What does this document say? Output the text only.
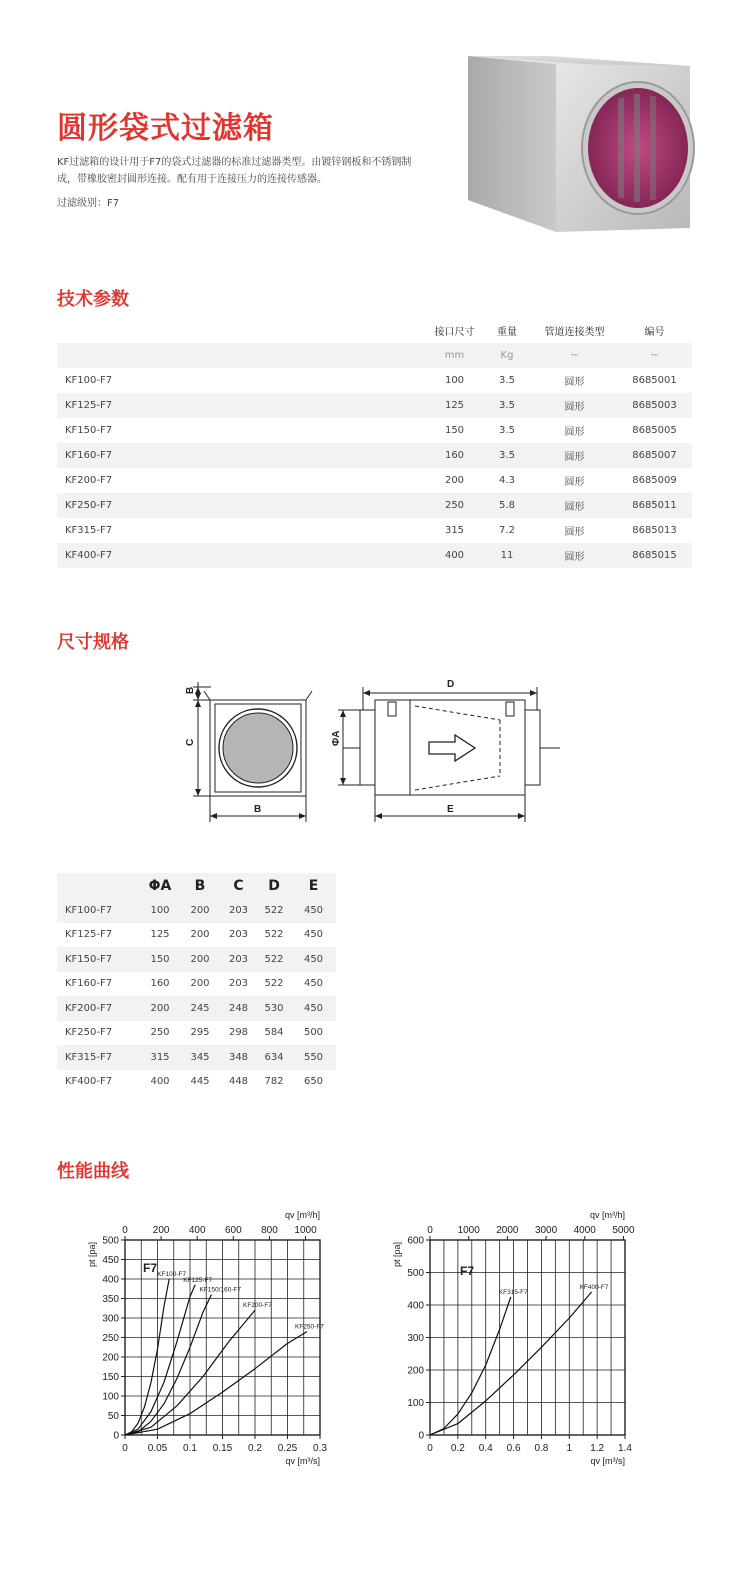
圆形袋式过滤箱
KF过滤箱的设计用于F7的袋式过滤器的标准过滤器类型。由镀锌钢板和不锈钢制
成，带橡胶密封圆形连接。配有用于连接压力的连接传感器。
过滤级别：F7
技术参数
	接口尺寸	重量	管道连接类型	编号
	mm	Kg	~	~
KF100-F7	100	3.5	圆形	8685001
KF125-F7	125	3.5	圆形	8685003
KF150-F7	150	3.5	圆形	8685005
KF160-F7	160	3.5	圆形	8685007
KF200-F7	200	4.3	圆形	8685009
KF250-F7	250	5.8	圆形	8685011
KF315-F7	315	7.2	圆形	8685013
KF400-F7	400	11	圆形	8685015
尺寸规格
B
C
B
D
ΦA
E
	ΦA	B	C	D	E
KF100-F7	100	200	203	522	450
KF125-F7	125	200	203	522	450
KF150-F7	150	200	203	522	450
KF160-F7	160	200	203	522	450
KF200-F7	200	245	248	530	450
KF250-F7	250	295	298	584	500
KF315-F7	315	345	348	634	550
KF400-F7	400	445	448	782	650
性能曲线
0
50
100
150
200
250
300
350
400
450
500
0 0.05 0.1 0.15 0.2 0.25 0.3
0 200 400 600 800 1000
qv [m³/s]
qv [m³/h]
pt [pa]
F7 KF100-F7
KF125-F7
KF150/160-F7
KF200-F7
KF250-F7
0
100
200
300
400
500
600
0 0.2 0.4 0.6 0.8 1 1.2 1.4
0 1000 2000 3000 4000 5000
qv [m³/s]
qv [m³/h]
pt [pa]
F7
KF315-F7
KF400-F7
